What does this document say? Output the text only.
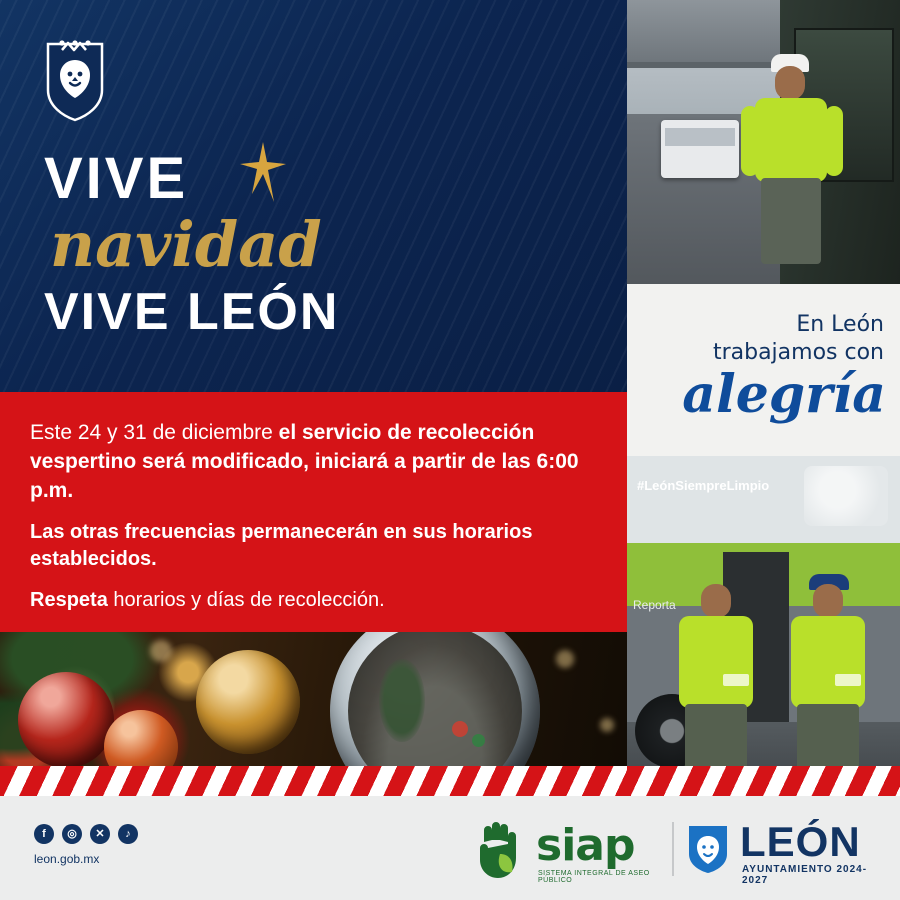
VIVE
navidad
VIVE LEÓN

Este 24 y 31 de diciembre el servicio de recolección vespertino será modificado, iniciará a partir de las 6:00 p.m.

Las otras frecuencias permanecerán en sus horarios establecidos.

Respeta horarios y días de recolección.

En León
trabajamos con
alegría
#LeónSiempreLimpio
Reporta
f	◎	✕	♪
leon.gob.mx	siap
SISTEMA INTEGRAL DE ASEO PÚBLICO
LEÓN
AYUNTAMIENTO 2024-2027
